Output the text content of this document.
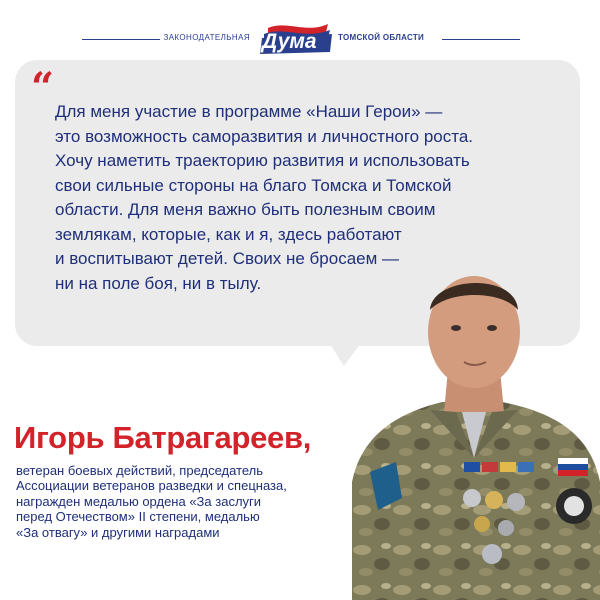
ЗАКОНОДАТЕЛЬНАЯ Дума	ТОМСКОЙ ОБЛАСТИ
“
Для меня участие в программе «Наши Герои» —
это возможность саморазвития и личностного роста.
Хочу наметить траекторию развития и использовать
свои сильные стороны на благо Томска и Томской
области. Для меня важно быть полезным своим
землякам, которые, как и я, здесь работают
и воспитывают детей. Своих не бросаем —
ни на поле боя, ни в тылу.
Игорь Батрагареев,
ветеран боевых действий, председатель
Ассоциации ветеранов разведки и спецназа,
награжден медалью ордена «За заслуги
перед Отечеством» II степени, медалью
«За отвагу» и другими наградами
